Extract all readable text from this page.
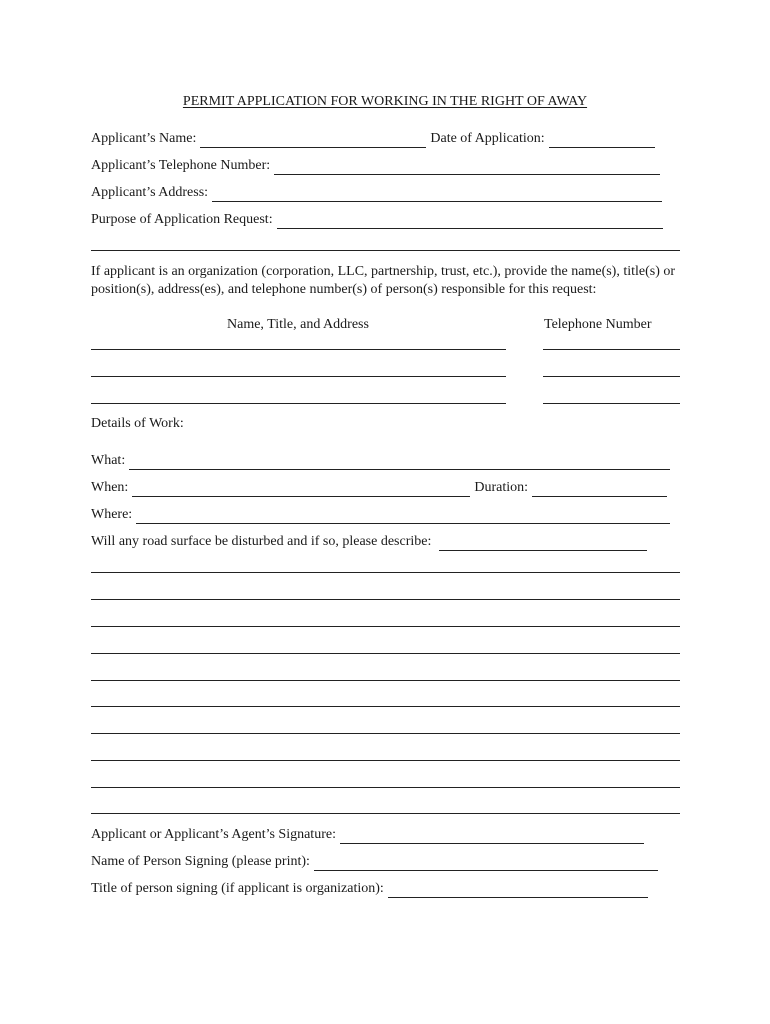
PERMIT APPLICATION FOR WORKING IN THE RIGHT OF AWAY
Applicant’s Name:	Date of Application:
Applicant’s Telephone Number:
Applicant’s Address:
Purpose of Application Request:
If applicant is an organization (corporation, LLC, partnership, trust, etc.), provide the name(s), title(s) or position(s), address(es), and telephone number(s) of person(s) responsible for this request:
Name, Title, and Address	Telephone Number
Details of Work:
What:
When:	Duration:
Where:
Will any road surface be disturbed and if so, please describe:
Applicant or Applicant’s Agent’s Signature:
Name of Person Signing (please print):
Title of person signing (if applicant is organization):
